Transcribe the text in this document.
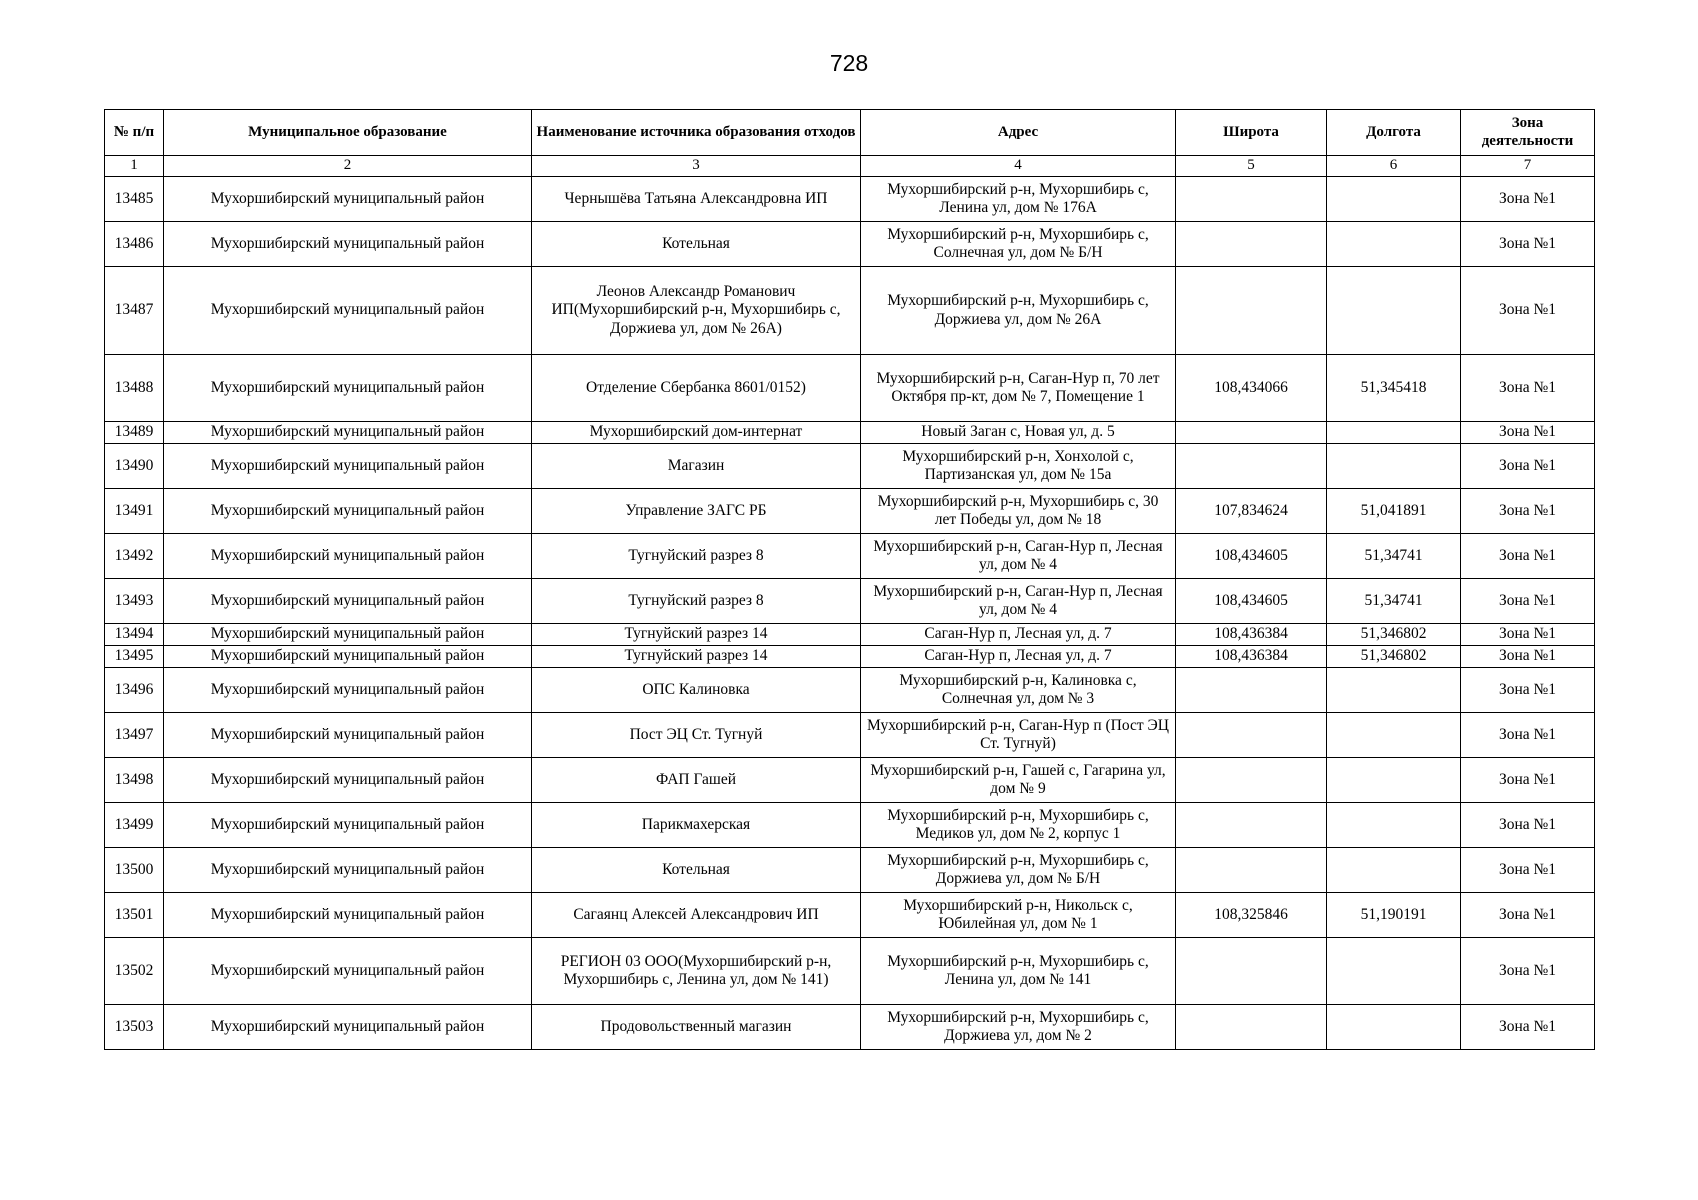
728
№ п/п	Муниципальное образование	Наименование источника образования отходов	Адрес	Широта	Долгота	Зона деятельности
1	2	3	4	5	6	7
13485	Мухоршибирский муниципальный район	Чернышёва Татьяна Александровна ИП	Мухоршибирский р-н, Мухоршибирь с, Ленина ул, дом № 176А			Зона №1
13486	Мухоршибирский муниципальный район	Котельная	Мухоршибирский р-н, Мухоршибирь с, Солнечная ул, дом № Б/Н			Зона №1
13487	Мухоршибирский муниципальный район	Леонов Александр Романович ИП(Мухоршибирский р-н, Мухоршибирь с, Доржиева ул, дом № 26А)	Мухоршибирский р-н, Мухоршибирь с, Доржиева ул, дом № 26А			Зона №1
13488	Мухоршибирский муниципальный район	Отделение Сбербанка 8601/0152)	Мухоршибирский р-н, Саган-Нур п, 70 лет Октября пр-кт, дом № 7, Помещение 1	108,434066	51,345418	Зона №1
13489	Мухоршибирский муниципальный район	Мухоршибирский дом-интернат	Новый Заган с, Новая ул, д. 5			Зона №1
13490	Мухоршибирский муниципальный район	Магазин	Мухоршибирский р-н, Хонхолой с, Партизанская ул, дом № 15а			Зона №1
13491	Мухоршибирский муниципальный район	Управление ЗАГС РБ	Мухоршибирский р-н, Мухоршибирь с, 30 лет Победы ул, дом № 18	107,834624	51,041891	Зона №1
13492	Мухоршибирский муниципальный район	Тугнуйский разрез 8	Мухоршибирский р-н, Саган-Нур п, Лесная ул, дом № 4	108,434605	51,34741	Зона №1
13493	Мухоршибирский муниципальный район	Тугнуйский разрез 8	Мухоршибирский р-н, Саган-Нур п, Лесная ул, дом № 4	108,434605	51,34741	Зона №1
13494	Мухоршибирский муниципальный район	Тугнуйский разрез 14	Саган-Нур п, Лесная ул, д. 7	108,436384	51,346802	Зона №1
13495	Мухоршибирский муниципальный район	Тугнуйский разрез 14	Саган-Нур п, Лесная ул, д. 7	108,436384	51,346802	Зона №1
13496	Мухоршибирский муниципальный район	ОПС Калиновка	Мухоршибирский р-н, Калиновка с, Солнечная ул, дом № 3			Зона №1
13497	Мухоршибирский муниципальный район	Пост ЭЦ Ст. Тугнуй	Мухоршибирский р-н, Саган-Нур п (Пост ЭЦ Ст. Тугнуй)			Зона №1
13498	Мухоршибирский муниципальный район	ФАП Гашей	Мухоршибирский р-н, Гашей с, Гагарина ул, дом № 9			Зона №1
13499	Мухоршибирский муниципальный район	Парикмахерская	Мухоршибирский р-н, Мухоршибирь с, Медиков ул, дом № 2, корпус 1			Зона №1
13500	Мухоршибирский муниципальный район	Котельная	Мухоршибирский р-н, Мухоршибирь с, Доржиева ул, дом № Б/Н			Зона №1
13501	Мухоршибирский муниципальный район	Сагаянц Алексей Александрович ИП	Мухоршибирский р-н, Никольск с, Юбилейная ул, дом № 1	108,325846	51,190191	Зона №1
13502	Мухоршибирский муниципальный район	РЕГИОН 03 ООО(Мухоршибирский р-н, Мухоршибирь с, Ленина ул, дом № 141)	Мухоршибирский р-н, Мухоршибирь с, Ленина ул, дом № 141			Зона №1
13503	Мухоршибирский муниципальный район	Продовольственный магазин	Мухоршибирский р-н, Мухоршибирь с, Доржиева ул, дом № 2			Зона №1
